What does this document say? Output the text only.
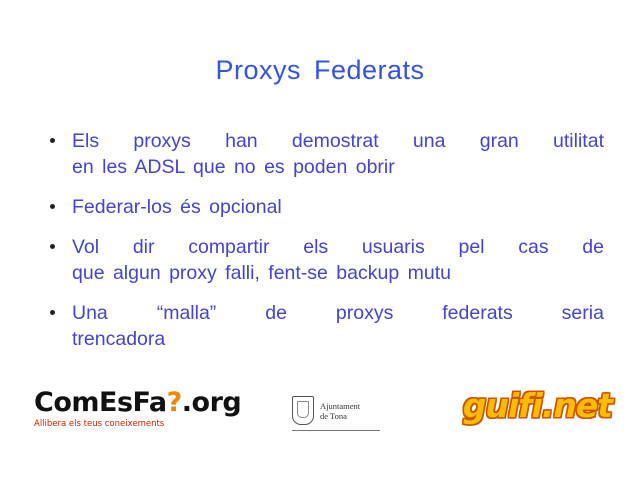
Proxys Federats
Els proxys han demostrat una gran utilitat
en les ADSL que no es poden obrir
Federar-los és opcional
Vol dir compartir els usuaris pel cas de
que algun proxy falli, fent-se backup mutu
Una	“malla”	de	proxys	federats	seria
trencadora
ComEsFa?.org
Allibera els teus coneixements
Ajuntament
de Tona	guifi.net
